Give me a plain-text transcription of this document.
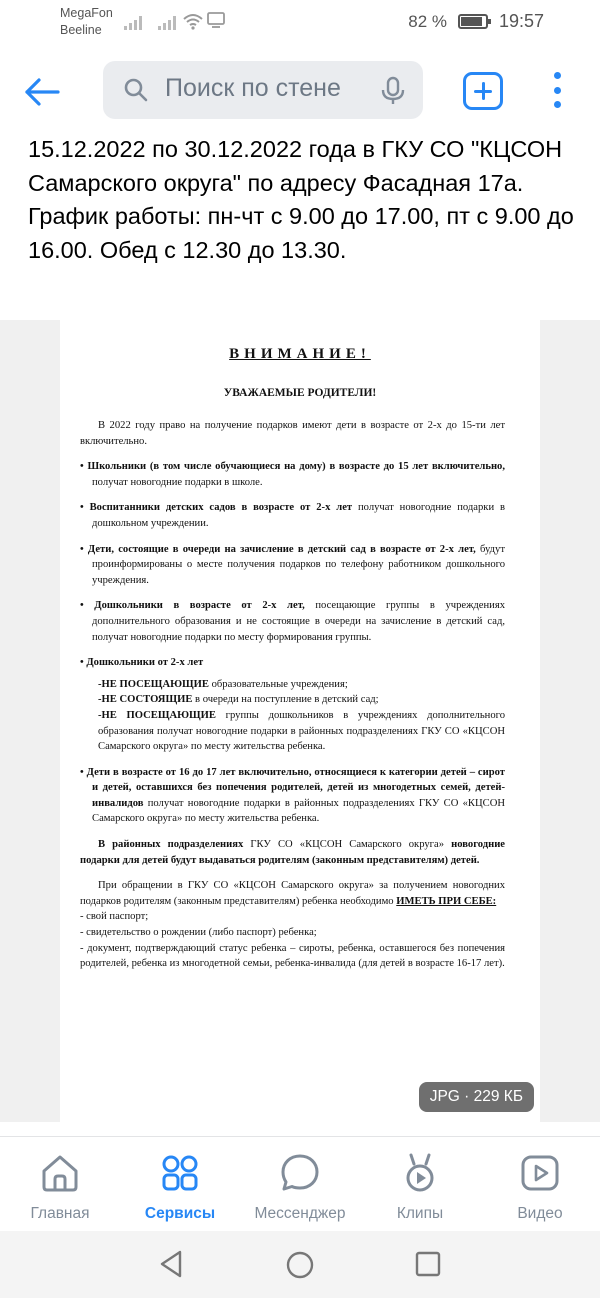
MegaFon
Beeline	82 %	19:57
Поиск по стене
15.12.2022 по 30.12.2022 года в ГКУ СО "КЦСОН Самарского округа" по адресу Фасадная 17а. График работы: пн-чт с 9.00 до 17.00, пт с 9.00 до 16.00. Обед с 12.30 до 13.30.
ВНИМАНИЕ!
УВАЖАЕМЫЕ РОДИТЕЛИ!

В 2022 году право на получение подарков имеют дети в возрасте от 2-х до 15-ти лет включительно.

• Школьники (в том числе обучающиеся на дому) в возрасте до 15 лет включительно, получат новогодние подарки в школе.

• Воспитанники детских садов в возрасте от 2-х лет получат новогодние подарки в дошкольном учреждении.

• Дети, состоящие в очереди на зачисление в детский сад в возрасте от 2-х лет, будут проинформированы о месте получения подарков по телефону работником дошкольного учреждения.

• Дошкольники в возрасте от 2-х лет, посещающие группы в учреждениях дополнительного образования и не состоящие в очереди на зачисление в детский сад, получат новогодние подарки по месту формирования группы.

• Дошкольники от 2-х лет

-НЕ ПОСЕЩАЮЩИЕ образовательные учреждения;

-НЕ СОСТОЯЩИЕ в очереди на поступление в детский сад;

-НЕ ПОСЕЩАЮЩИЕ группы дошкольников в учреждениях дополнительного образования получат новогодние подарки в районных подразделениях ГКУ СО «КЦСОН Самарского округа» по месту жительства ребенка.

• Дети в возрасте от 16 до 17 лет включительно, относящиеся к категории детей – сирот и детей, оставшихся без попечения родителей, детей из многодетных семей, детей-инвалидов получат новогодние подарки в районных подразделениях ГКУ СО «КЦСОН Самарского округа» по месту жительства ребенка.

В районных подразделениях ГКУ СО «КЦСОН Самарского округа» новогодние подарки для детей будут выдаваться родителям (законным представителям) детей.

При обращении в ГКУ СО «КЦСОН Самарского округа» за получением новогодних подарков родителям (законным представителям) ребенка необходимо ИМЕТЬ ПРИ СЕБЕ:

- свой паспорт;

- свидетельство о рождении (либо паспорт) ребенка;

- документ, подтверждающий статус ребенка – сироты, ребенка, оставшегося без попечения родителей, ребенка из многодетной семьи, ребенка-инвалида (для детей в возрасте 16-17 лет).

JPG · 229 КБ
Главная	Сервисы	Мессенджер	Клипы	Видео
